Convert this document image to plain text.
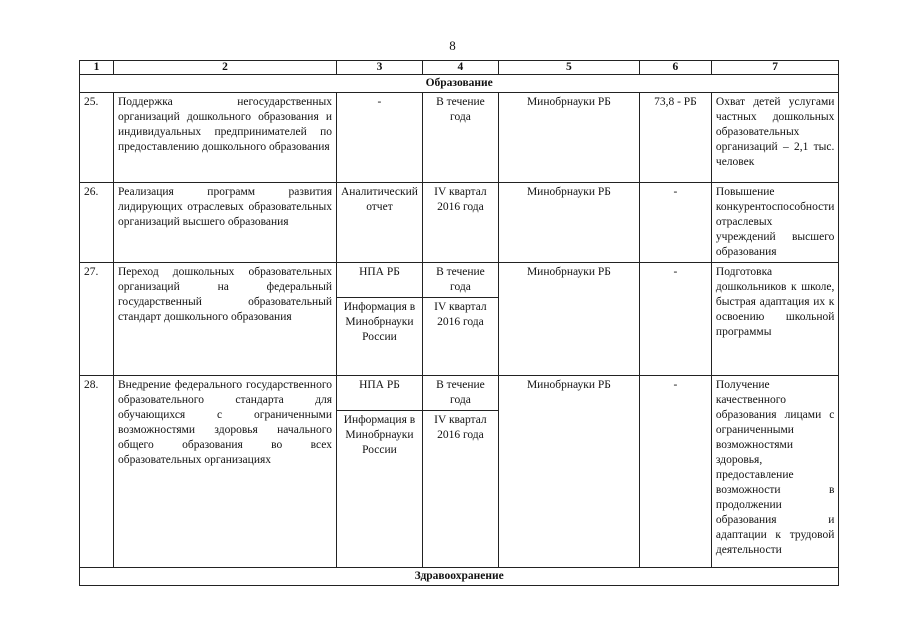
8
1	2	3	4	5	6	7
Образование						
25.	Поддержка негосударственных организаций дошкольного образования и индивидуальных предпринимателей по предоставлению дошкольного образования	-	В течение года	Минобрнауки РБ	73,8 - РБ	Охват детей услугами частных дошкольных образовательных организаций – 2,1 тыс. человек
26.	Реализация программ развития лидирующих отраслевых образовательных организаций высшего образования	Аналитический отчет	IV квартал 2016 года	Минобрнауки РБ	-	Повышение конкурентоспособности отраслевых учреждений высшего образования
27.	Переход дошкольных образовательных организаций на федеральный государственный образовательный стандарт дошкольного образования	НПА РБ	В течение года	Минобрнауки РБ	-	Подготовка дошкольников к школе, быстрая адаптация их к освоению школьной программы
		Информация в Минобрнауки России	IV квартал 2016 года			
28.	Внедрение федерального государственного образовательного стандарта для обучающихся с ограниченными возможностями здоровья начального общего образования во всех образовательных организациях	НПА РБ	В течение года	Минобрнауки РБ	-	Получение качественного образования лицами с ограниченными возможностями здоровья, предоставление возможности в продолжении образования и адаптации к трудовой деятельности
		Информация в Минобрнауки России	IV квартал 2016 года			
Здравоохранение						
